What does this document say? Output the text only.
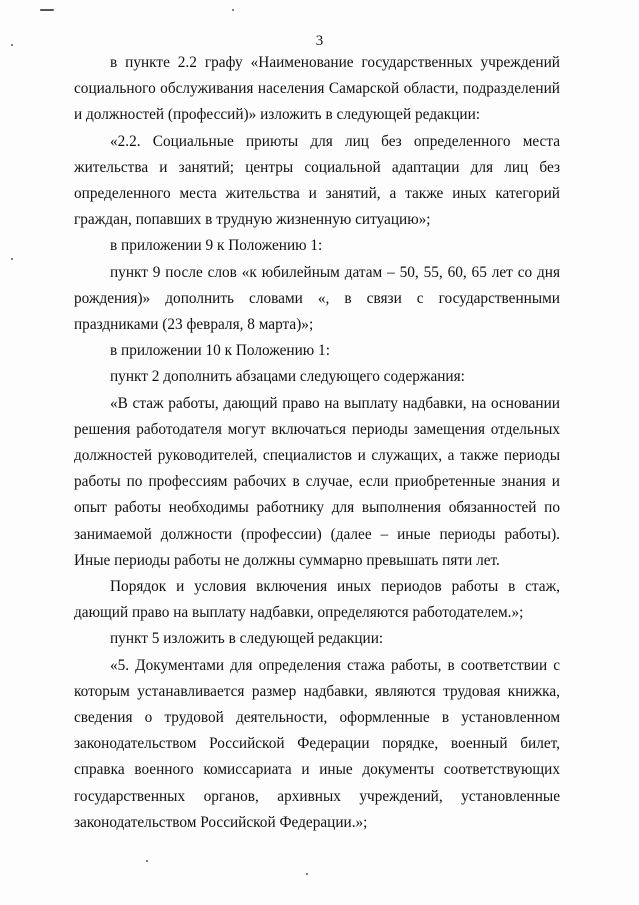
3

в пункте 2.2 графу «Наименование государственных учреждений социального обслуживания населения Самарской области, подразделений и должностей (профессий)» изложить в следующей редакции:

«2.2. Социальные приюты для лиц без определенного места жительства и занятий; центры социальной адаптации для лиц без определенного места жительства и занятий, а также иных категорий граждан, попавших в трудную жизненную ситуацию»;

в приложении 9 к Положению 1:

пункт 9 после слов «к юбилейным датам – 50, 55, 60, 65 лет со дня рождения)» дополнить словами «, в связи с государственными праздниками (23 февраля, 8 марта)»;

в приложении 10 к Положению 1:

пункт 2 дополнить абзацами следующего содержания:

«В стаж работы, дающий право на выплату надбавки, на основании решения работодателя могут включаться периоды замещения отдельных должностей руководителей, специалистов и служащих, а также периоды работы по профессиям рабочих в случае, если приобретенные знания и опыт работы необходимы работнику для выполнения обязанностей по занимаемой должности (профессии) (далее – иные периоды работы). Иные периоды работы не должны суммарно превышать пяти лет.

Порядок и условия включения иных периодов работы в стаж, дающий право на выплату надбавки, определяются работодателем.»;

пункт 5 изложить в следующей редакции:

«5. Документами для определения стажа работы, в соответствии с которым устанавливается размер надбавки, являются трудовая книжка, сведения о трудовой деятельности, оформленные в установленном законодательством Российской Федерации порядке, военный билет, справка военного комиссариата и иные документы соответствующих государственных органов, архивных учреждений, установленные законодательством Российской Федерации.»;
